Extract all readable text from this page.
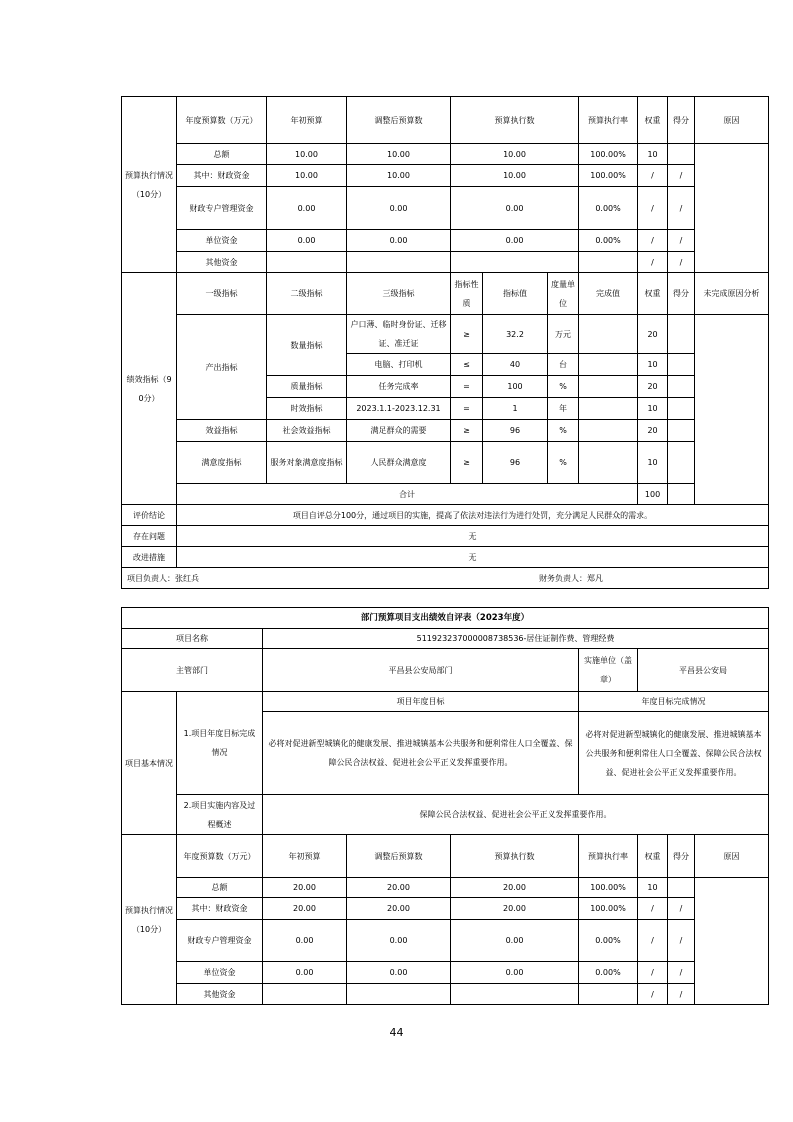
预算执行情况（10分）	年度预算数（万元）	年初预算	调整后预算数	预算执行数			预算执行率	权重	得分	原因	
	总额	10.00	10.00	10.00			100.00%	10			
	其中：财政资金	10.00	10.00	10.00			100.00%	/	/		
	财政专户管理资金	0.00	0.00	0.00			0.00%	/	/		
	单位资金	0.00	0.00	0.00			0.00%	/	/		
	其他资金							/	/		
绩效指标（90分）	一级指标	二级指标	三级指标	指标性质	指标值	度量单位	完成值	权重	得分	未完成原因分析	
	产出指标	数量指标	户口薄、临时身份证、迁移证、准迁证	≥	32.2	万元		20			
			电脑、打印机	≤	40	台		10			
		质量指标	任务完成率	=	100	%		20			
		时效指标	2023.1.1-2023.12.31	=	1	年		10			
	效益指标	社会效益指标	满足群众的需要	≥	96	%		20			
	满意度指标	服务对象满意度指标	人民群众满意度	≥	96	%		10			
	合计							100			
评价结论	项目自评总分100分，通过项目的实施，提高了依法对违法行为进行处罚，充分满足人民群众的需求。										
存在问题	无										
改进措施	无										

项目负责人：张红兵 财务负责人：郑凡											
部门预算项目支出绩效自评表（2023年度）								
项目名称		511923237000008738536-居住证制作费、管理经费						
主管部门		平昌县公安局部门			实施单位（盖章）	平昌县公安局		
项目基本情况	1.项目年度目标完成情况	项目年度目标			年度目标完成情况			
		必将对促进新型城镇化的健康发展、推进城镇基本公共服务和便利常住人口全覆盖、保障公民合法权益、促进社会公平正义发挥重要作用。			必将对促进新型城镇化的健康发展、推进城镇基本公共服务和便利常住人口全覆盖、保障公民合法权益、促进社会公平正义发挥重要作用。			
	2.项目实施内容及过程概述	保障公民合法权益、促进社会公平正义发挥重要作用。						
预算执行情况（10分）	年度预算数（万元）	年初预算	调整后预算数	预算执行数	预算执行率	权重	得分	原因
	总额	20.00	20.00	20.00	100.00%	10		
	其中：财政资金	20.00	20.00	20.00	100.00%	/	/	
	财政专户管理资金	0.00	0.00	0.00	0.00%	/	/	
	单位资金	0.00	0.00	0.00	0.00%	/	/	
	其他资金					/	/	
44
